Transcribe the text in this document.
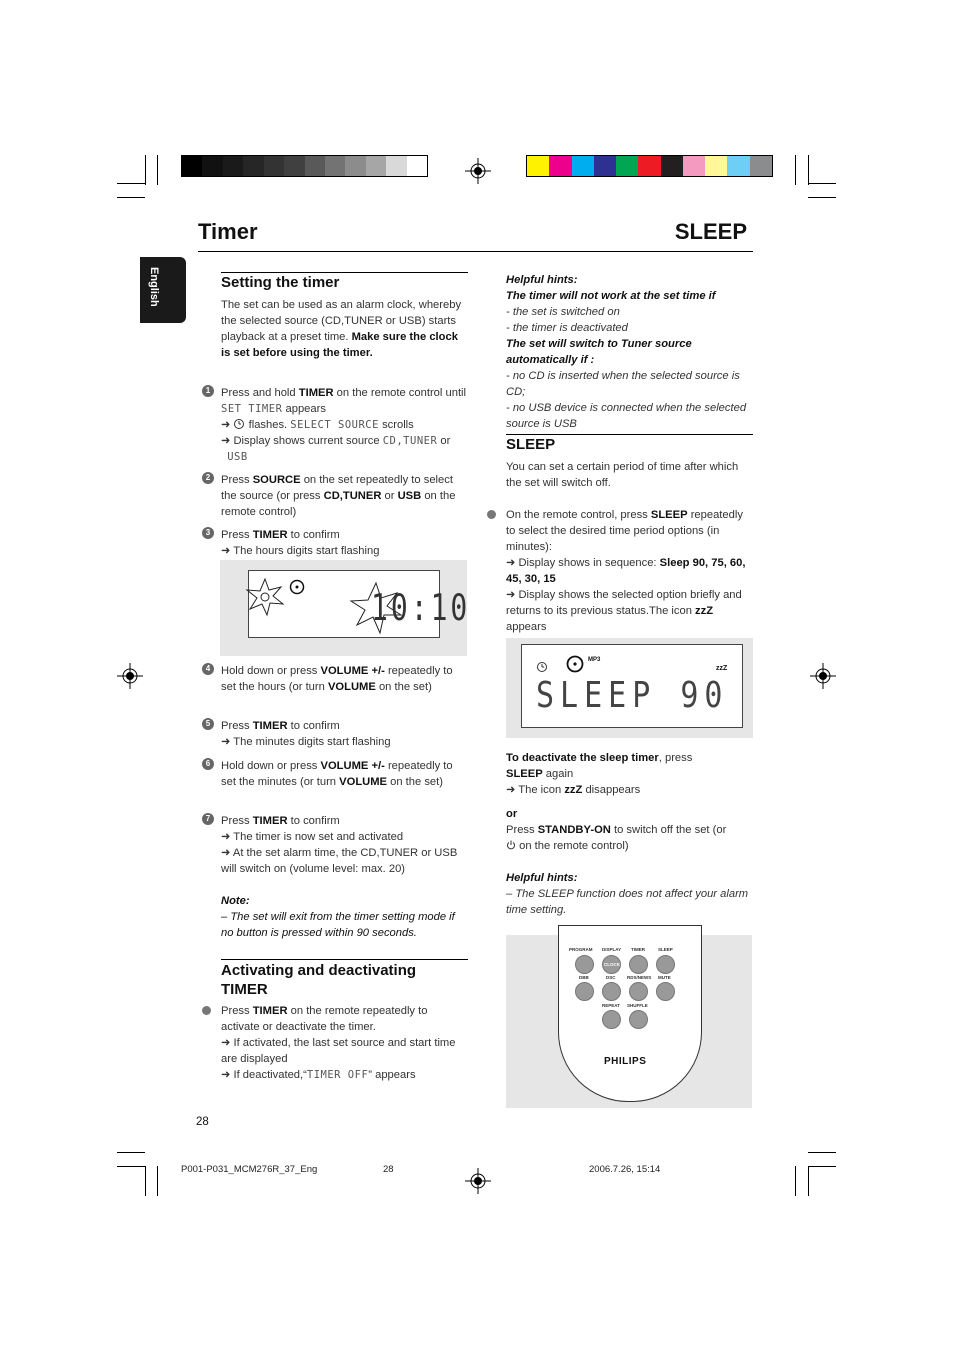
Timer	SLEEP
English	Setting the timer
The set can be used as an alarm clock, whereby the selected source (CD,TUNER or USB) starts playback at a preset time. Make sure the clock is set before using the timer.
1 Press and hold TIMER on the remote control until SET TIMER appears
➜ flashes. SELECT SOURCE scrolls
➜ Display shows current source CD,TUNER or
USB
2 Press SOURCE on the set repeatedly to select the source (or press CD,TUNER or USB on the remote control)
3 Press TIMER to confirm
➜ The hours digits start flashing
10:10
4 Hold down or press VOLUME +/- repeatedly to set the hours (or turn VOLUME on the set)
5 Press TIMER to confirm
➜ The minutes digits start flashing
6 Hold down or press VOLUME +/- repeatedly to set the minutes (or turn VOLUME on the set)
7 Press TIMER to confirm
➜ The timer is now set and activated
➜ At the set alarm time, the CD,TUNER or USB will switch on (volume level: max. 20)
Note:
– The set will exit from the timer setting mode if no button is pressed within 90 seconds.
Activating and deactivating
TIMER
Press TIMER on the remote repeatedly to activate or deactivate the timer.
➜ If activated, the last set source and start time are displayed
➜ If deactivated,“TIMER OFF” appears
28
Helpful hints:
The timer will not work at the set time if
- the set is switched on
- the timer is deactivated
The set will switch to Tuner source automatically if :
- no CD is inserted when the selected source is CD;
- no USB device is connected when the selected source is USB
SLEEP
You can set a certain period of time after which the set will switch off.
On the remote control, press SLEEP repeatedly to select the desired time period options (in minutes):
➜ Display shows in sequence: Sleep 90, 75, 60, 45, 30, 15
➜ Display shows the selected option briefly and returns to its previous status.The icon zzZ
appears
MP3
zzZ
SLEEP 90
To deactivate the sleep timer, press
SLEEP again
➜ The icon zzZ disappears
or
Press STANDBY-ON to switch off the set (or
on the remote control)
Helpful hints:
– The SLEEP function does not affect your alarm time setting.
PROGRAM DISPLAY TIMER	SLEEP
CLOCK
DBB	DSC	RDS/NEWS MUTE
REPEAT SHUFFLE
PHILIPS
P001-P031_MCM276R_37_Eng	28	2006.7.26, 15:14
